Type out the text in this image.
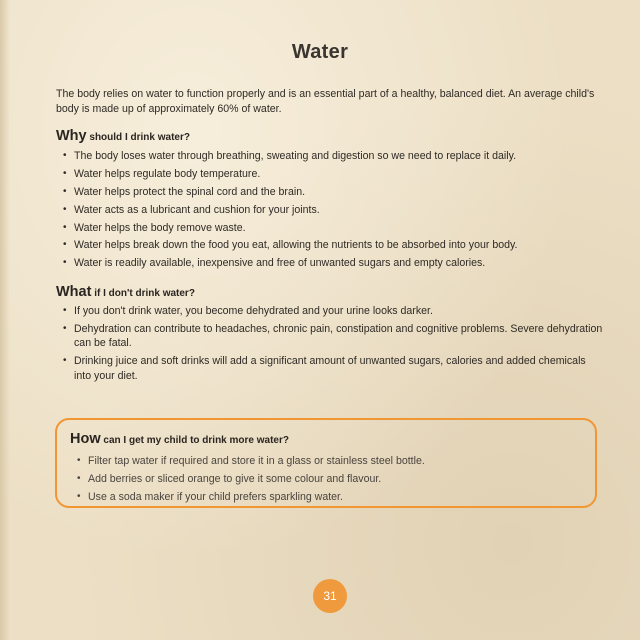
Water
The body relies on water to function properly and is an essential part of a healthy, balanced diet. An average child's body is made up of approximately 60% of water.
Why should I drink water?
• The body loses water through breathing, sweating and digestion so we need to replace it daily.
• Water helps regulate body temperature.
• Water helps protect the spinal cord and the brain.
• Water acts as a lubricant and cushion for your joints.
• Water helps the body remove waste.
• Water helps break down the food you eat, allowing the nutrients to be absorbed into your body.
• Water is readily available, inexpensive and free of unwanted sugars and empty calories.
What if I don't drink water?
• If you don't drink water, you become dehydrated and your urine looks darker.
• Dehydration can contribute to headaches, chronic pain, constipation and cognitive problems. Severe dehydration can be fatal.
• Drinking juice and soft drinks will add a significant amount of unwanted sugars, calories and added chemicals into your diet.
How can I get my child to drink more water?
• Filter tap water if required and store it in a glass or stainless steel bottle.
• Add berries or sliced orange to give it some colour and flavour.
• Use a soda maker if your child prefers sparkling water.
31
